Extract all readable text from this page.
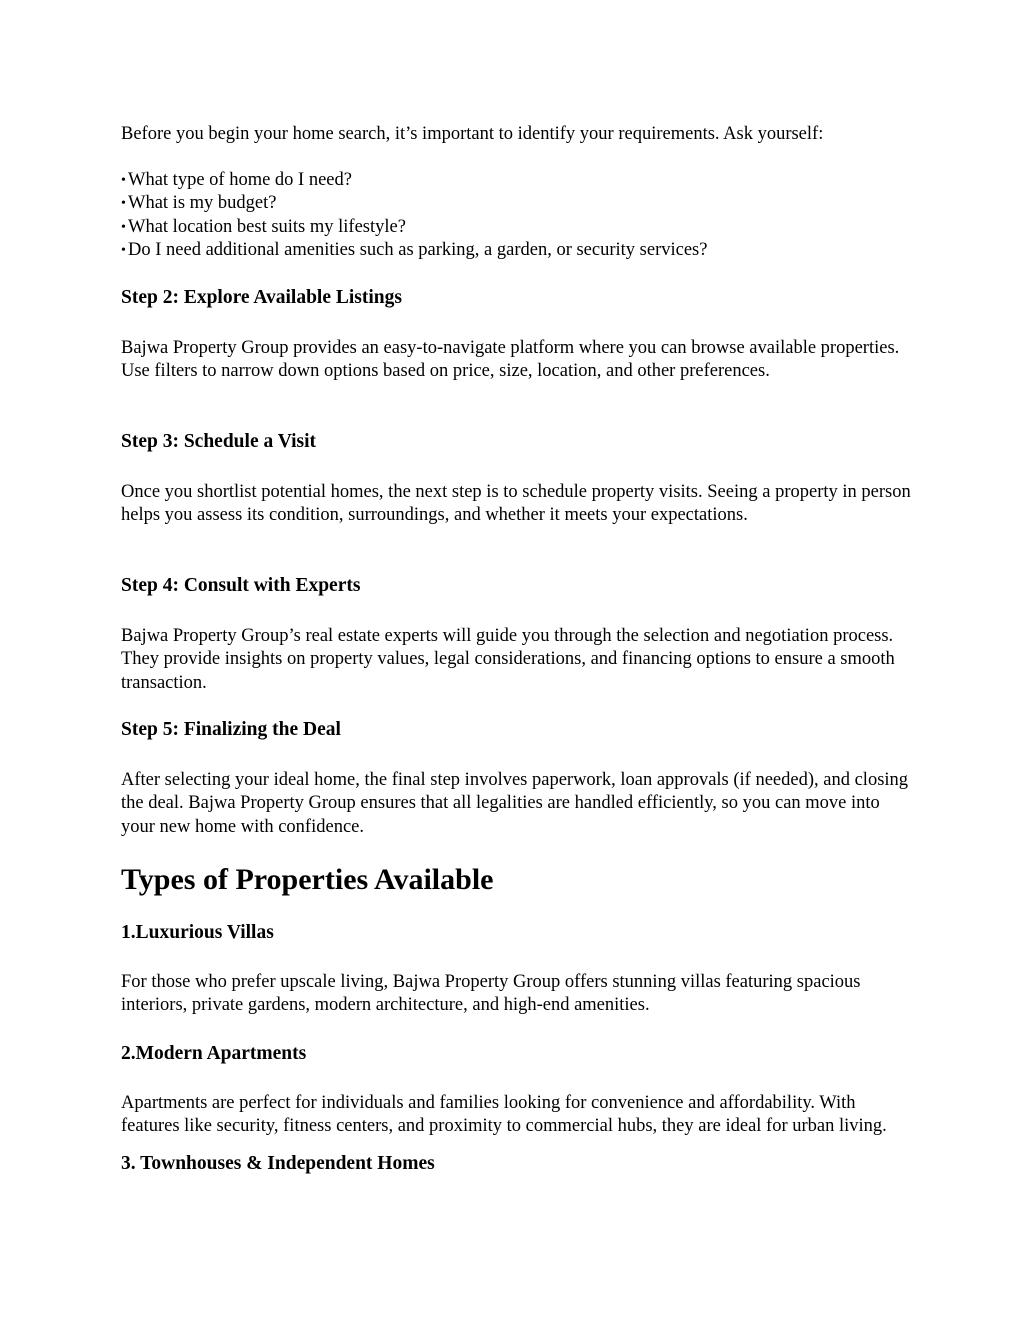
Before you begin your home search, it’s important to identify your requirements. Ask yourself:

• What type of home do I need?
• What is my budget?
• What location best suits my lifestyle?
• Do I need additional amenities such as parking, a garden, or security services?

Step 2: Explore Available Listings

Bajwa Property Group provides an easy-to-navigate platform where you can browse available properties. Use filters to narrow down options based on price, size, location, and other preferences.

Step 3: Schedule a Visit

Once you shortlist potential homes, the next step is to schedule property visits. Seeing a property in person helps you assess its condition, surroundings, and whether it meets your expectations.

Step 4: Consult with Experts

Bajwa Property Group’s real estate experts will guide you through the selection and negotiation process. They provide insights on property values, legal considerations, and financing options to ensure a smooth transaction.

Step 5: Finalizing the Deal

After selecting your ideal home, the final step involves paperwork, loan approvals (if needed), and closing the deal. Bajwa Property Group ensures that all legalities are handled efficiently, so you can move into your new home with confidence.

Types of Properties Available

1.Luxurious Villas

For those who prefer upscale living, Bajwa Property Group offers stunning villas featuring spacious interiors, private gardens, modern architecture, and high-end amenities.

2.Modern Apartments

Apartments are perfect for individuals and families looking for convenience and affordability. With features like security, fitness centers, and proximity to commercial hubs, they are ideal for urban living.

3. Townhouses & Independent Homes
